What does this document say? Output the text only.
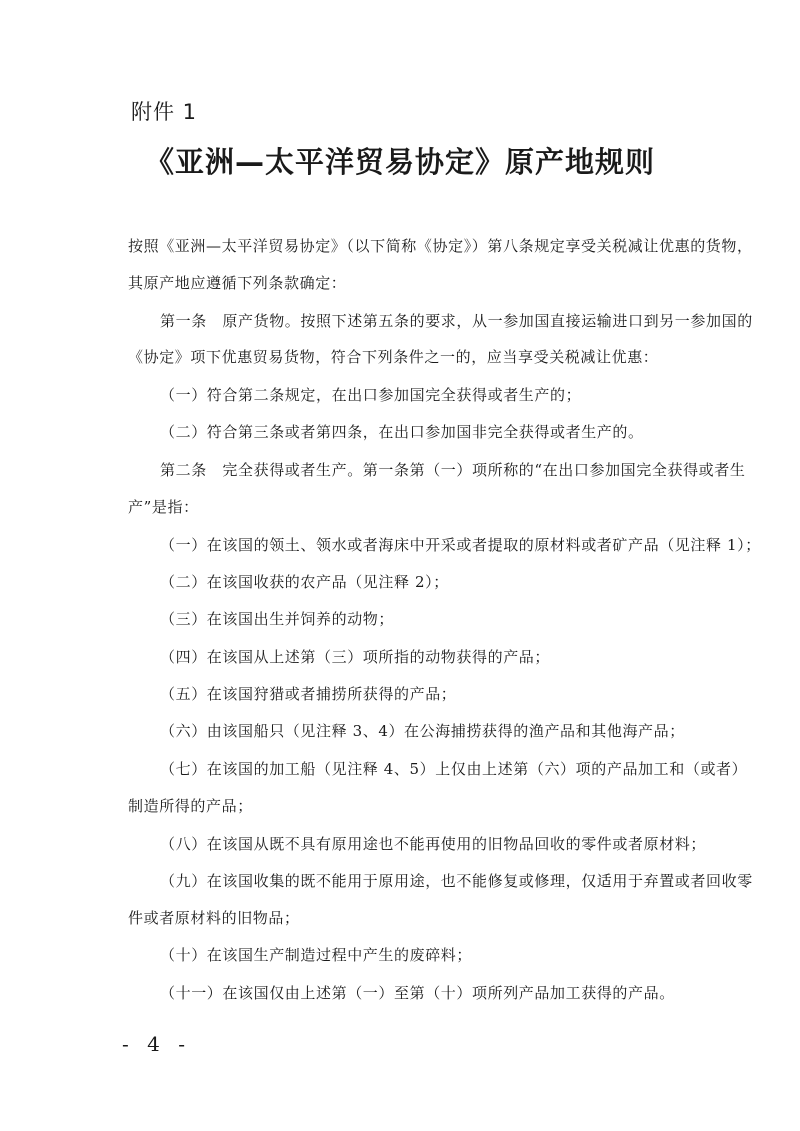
附件 1
《亚洲—太平洋贸易协定》原产地规则
按照《亚洲—太平洋贸易协定》（以下简称《协定》）第八条规定享受关税减让优惠的货物，
其原产地应遵循下列条款确定：
第一条　原产货物。按照下述第五条的要求，从一参加国直接运输进口到另一参加国的
《协定》项下优惠贸易货物，符合下列条件之一的，应当享受关税减让优惠：
（一）符合第二条规定，在出口参加国完全获得或者生产的；
（二）符合第三条或者第四条，在出口参加国非完全获得或者生产的。
第二条　完全获得或者生产。第一条第（一）项所称的“在出口参加国完全获得或者生
产”是指：
（一）在该国的领土、领水或者海床中开采或者提取的原材料或者矿产品（见注释 1）；
（二）在该国收获的农产品（见注释 2）；
（三）在该国出生并饲养的动物；
（四）在该国从上述第（三）项所指的动物获得的产品；
（五）在该国狩猎或者捕捞所获得的产品；
（六）由该国船只（见注释 3、4）在公海捕捞获得的渔产品和其他海产品；
（七）在该国的加工船（见注释 4、5）上仅由上述第（六）项的产品加工和（或者）
制造所得的产品；
（八）在该国从既不具有原用途也不能再使用的旧物品回收的零件或者原材料；
（九）在该国收集的既不能用于原用途，也不能修复或修理，仅适用于弃置或者回收零
件或者原材料的旧物品；
（十）在该国生产制造过程中产生的废碎料；
（十一）在该国仅由上述第（一）至第（十）项所列产品加工获得的产品。
- 4 -
